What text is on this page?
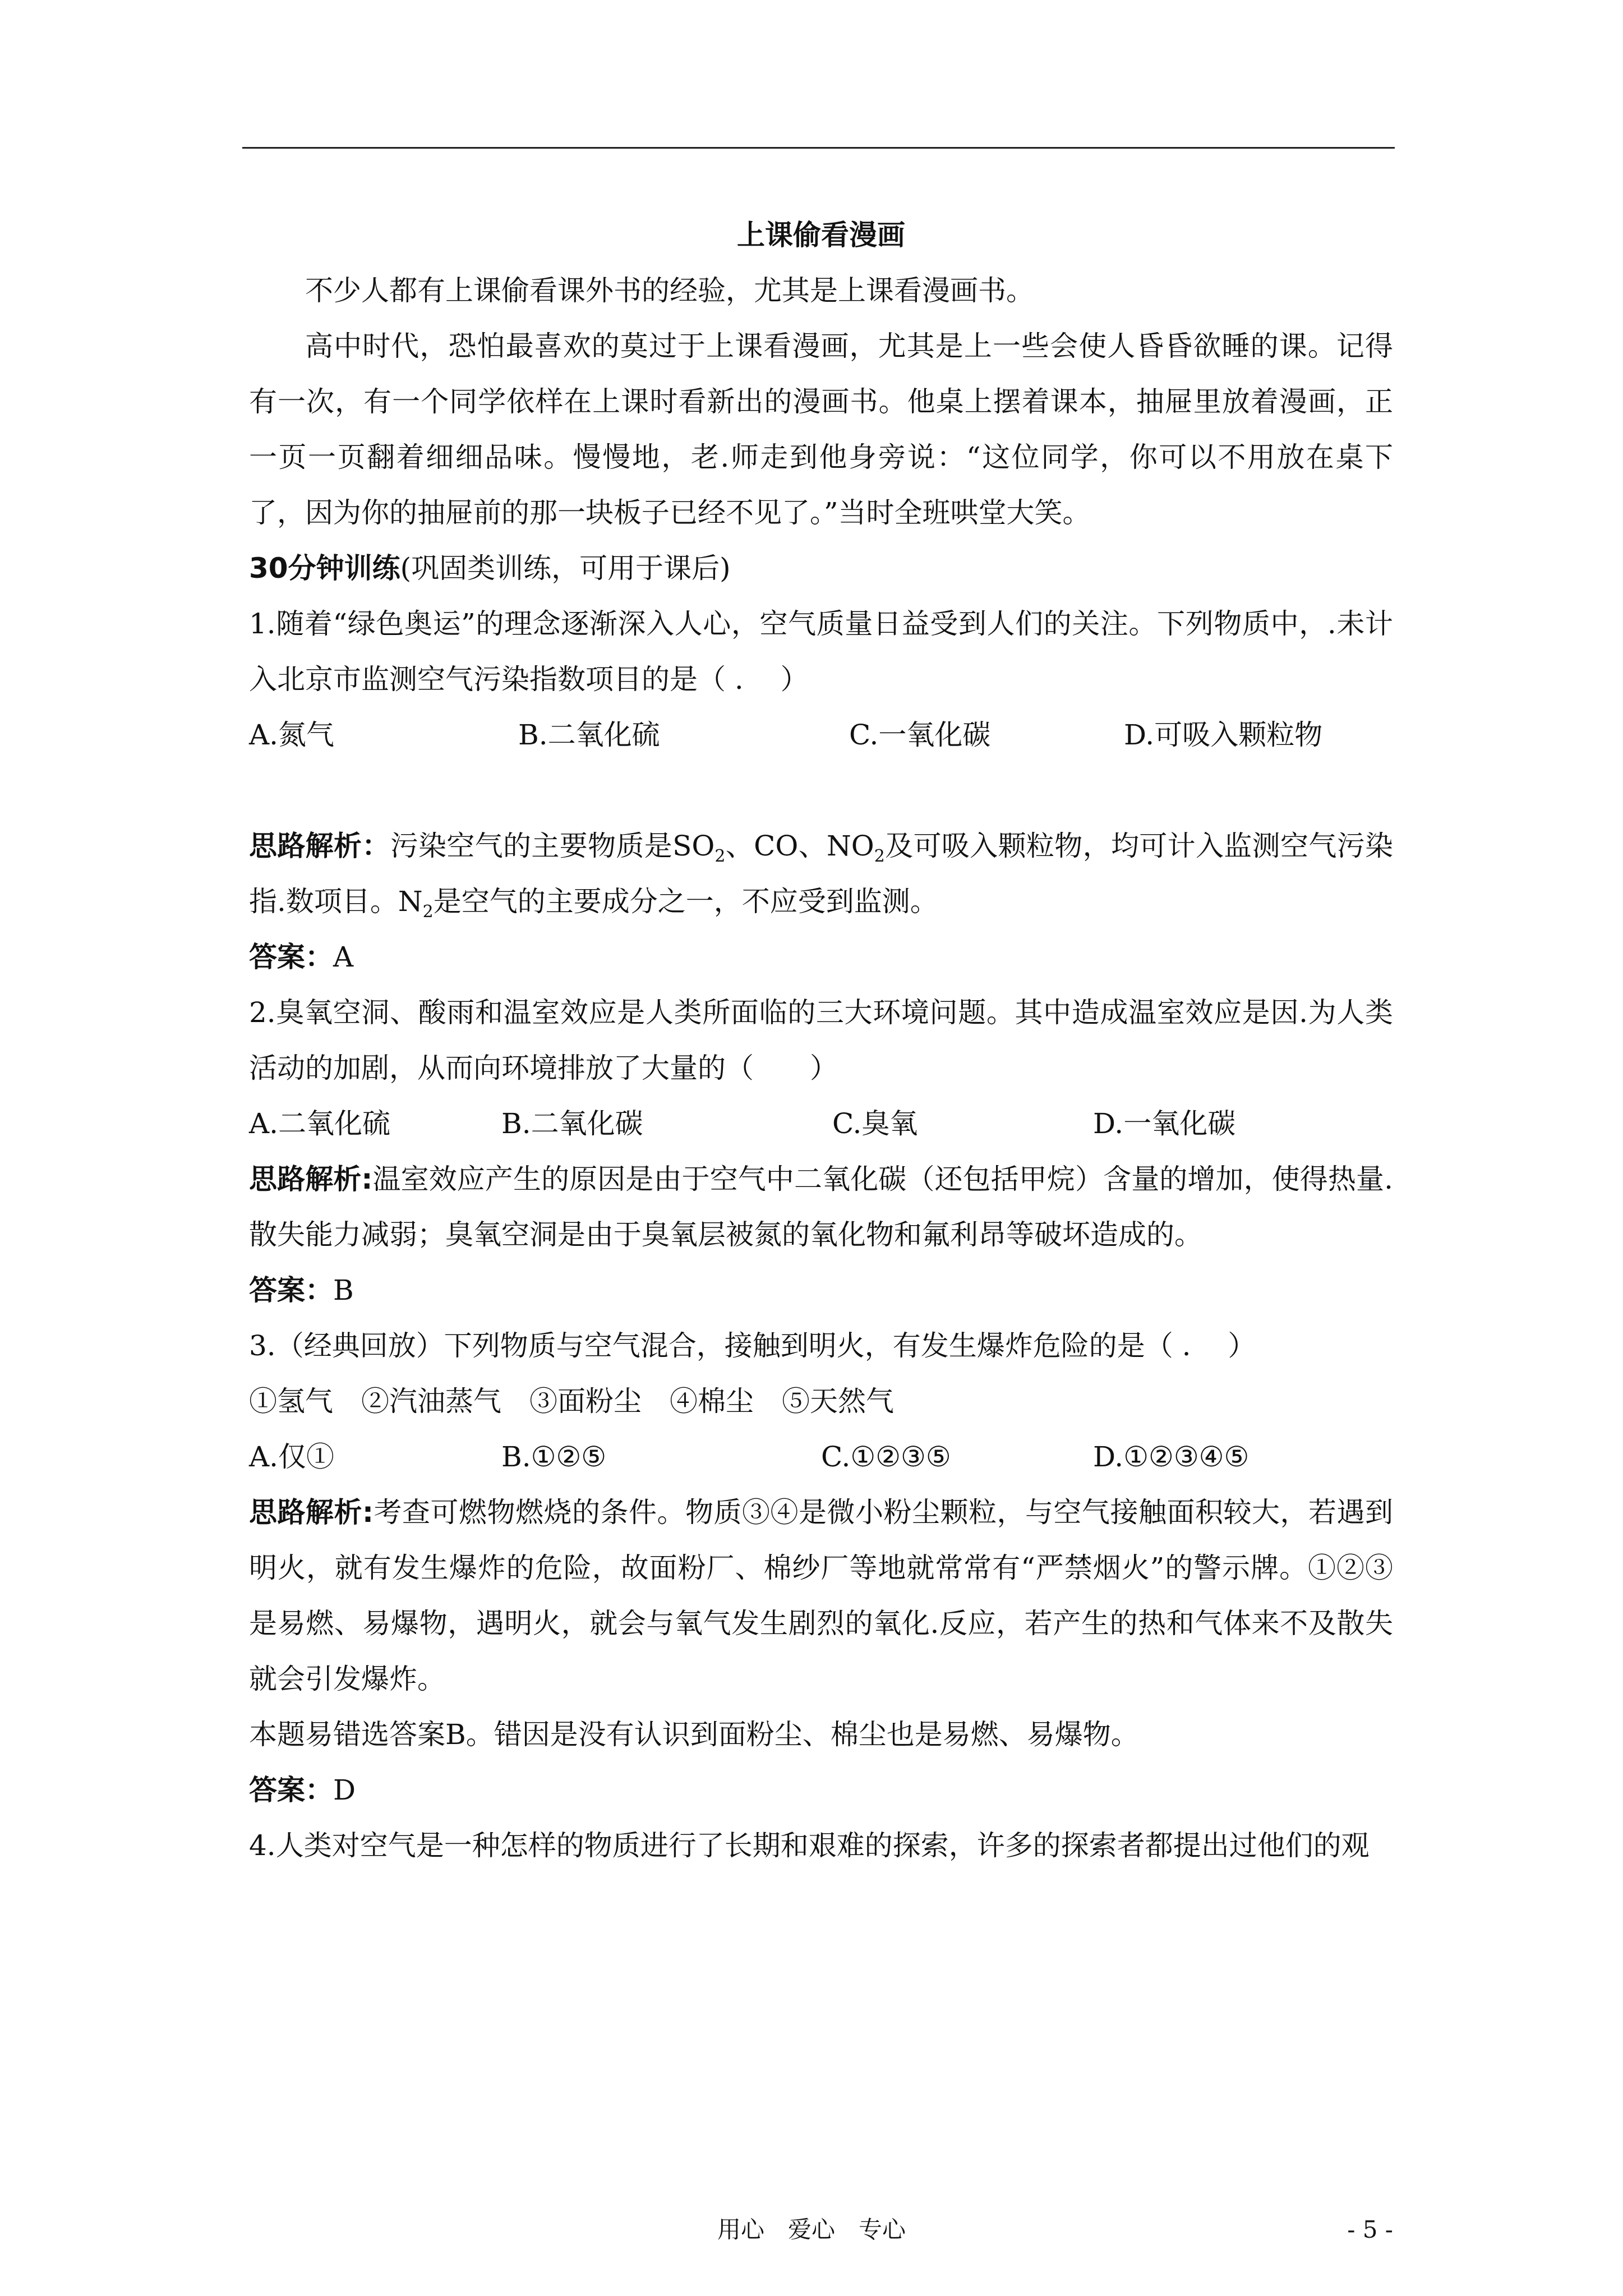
上课偷看漫画

不少人都有上课偷看课外书的经验，尤其是上课看漫画书。

高中时代，恐怕最喜欢的莫过于上课看漫画，尤其是上一些会使人昏昏欲睡的课。记得有一次，有一个同学依样在上课时看新出的漫画书。他桌上摆着课本，抽屉里放着漫画，正一页一页翻着细细品味。慢慢地，老.师走到他身旁说：“这位同学，你可以不用放在桌下了，因为你的抽屉前的那一块板子已经不见了。”当时全班哄堂大笑。

30分钟训练(巩固类训练，可用于课后)

1.随着“绿色奥运”的理念逐渐深入人心，空气质量日益受到人们的关注。下列物质中，.未计入北京市监测空气污染指数项目的是（ .　 ）

A.氮气	B.二氧化硫	C.一氧化碳	D.可吸入颗粒物

思路解析：污染空气的主要物质是$SO_2$、CO、$NO_2$及可吸入颗粒物，均可计入监测空气污染指.数项目。$N_2$是空气的主要成分之一，不应受到监测。

答案：A

2.臭氧空洞、酸雨和温室效应是人类所面临的三大环境问题。其中造成温室效应是因.为人类活动的加剧，从而向环境排放了大量的（　　）

A.二氧化硫	B.二氧化碳	C.臭氧	D.一氧化碳

思路解析:温室效应产生的原因是由于空气中二氧化碳（还包括甲烷）含量的增加，使得热量.散失能力减弱；臭氧空洞是由于臭氧层被氮的氧化物和氟利昂等破坏造成的。

答案：B

3.（经典回放）下列物质与空气混合，接触到明火，有发生爆炸危险的是（ .　 ）

①氢气　②汽油蒸气　③面粉尘　④棉尘　⑤天然气

A.仅①	B.①②⑤	C.①②③⑤	D.①②③④⑤

思路解析:考查可燃物燃烧的条件。物质③④是微小粉尘颗粒，与空气接触面积较大，若遇到明火，就有发生爆炸的危险，故面粉厂、棉纱厂等地就常常有“严禁烟火”的警示牌。①②③是易燃、易爆物，遇明火，就会与氧气发生剧烈的氧化.反应，若产生的热和气体来不及散失就会引发爆炸。

本题易错选答案B。错因是没有认识到面粉尘、棉尘也是易燃、易爆物。

答案：D

4.人类对空气是一种怎样的物质进行了长期和艰难的探索，许多的探索者都提出过他们的观

用心　爱心　专心	- 5 -
